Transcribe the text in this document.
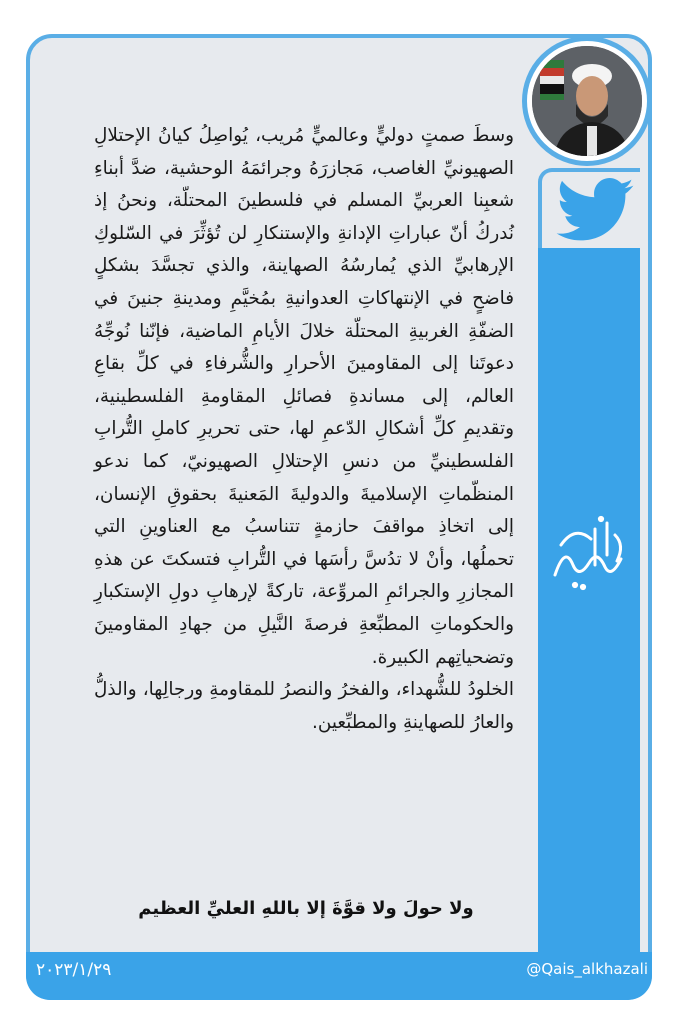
وسطَ صمتٍ دوليٍّ وعالميٍّ مُريب، يُواصِلُ كيانُ الإحتلالِ الصهيونيِّ الغاصب، مَجازرَهُ وجرائمَهُ الوحشية، ضدَّ أبناءِ شعبِنا العربيِّ المسلم في فلسطينَ المحتلّة، ونحنُ إذ نُدركُ أنّ عباراتِ الإدانةِ والإستنكارِ لن تُؤثِّرَ في السّلوكِ الإرهابيِّ الذي يُمارسُهُ الصهاينة، والذي تجسَّدَ بشكلٍ فاضحٍ في الإنتهاكاتِ العدوانيةِ بمُخيَّمِ ومدينةِ جنينَ في الضفّةِ الغربيةِ المحتلّة خلالَ الأيامِ الماضية، فإنّنا نُوجِّهُ دعوتَنا إلى المقاومينَ الأحرارِ والشُّرفاءِ في كلِّ بقاعِ العالم، إلى مساندةِ فصائلِ المقاومةِ الفلسطينية، وتقديمِ كلِّ أشكالِ الدّعمِ لها، حتى تحريرِ كاملِ التُّرابِ الفلسطينيِّ من دنسِ الإحتلالِ الصهيونيّ، كما ندعو المنظّماتِ الإسلاميةَ والدوليةَ المَعنيةَ بحقوقِ الإنسان، إلى اتخاذِ مواقفَ حازمةٍ تتناسبُ مع العناوينِ التي تحملُها، وأنْ لا تدُسَّ رأسَها في التُّرابِ فتسكتَ عن هذهِ المجازرِ والجرائمِ المروِّعة، تاركةً لإرهابِ دولِ الإستكبارِ والحكوماتِ المطبِّعةِ فرصةَ النَّيلِ من جهادِ المقاومينَ وتضحياتِهم الكبيرة.

الخلودُ للشُّهداء، والفخرُ والنصرُ للمقاومةِ ورجالِها، والذلُّ والعارُ للصهاينةِ والمطبِّعين.

ولا حولَ ولا قوَّةَ إلا باللهِ العليِّ العظيم
٢٠٢٣/١/٢٩	@Qais_alkhazali
